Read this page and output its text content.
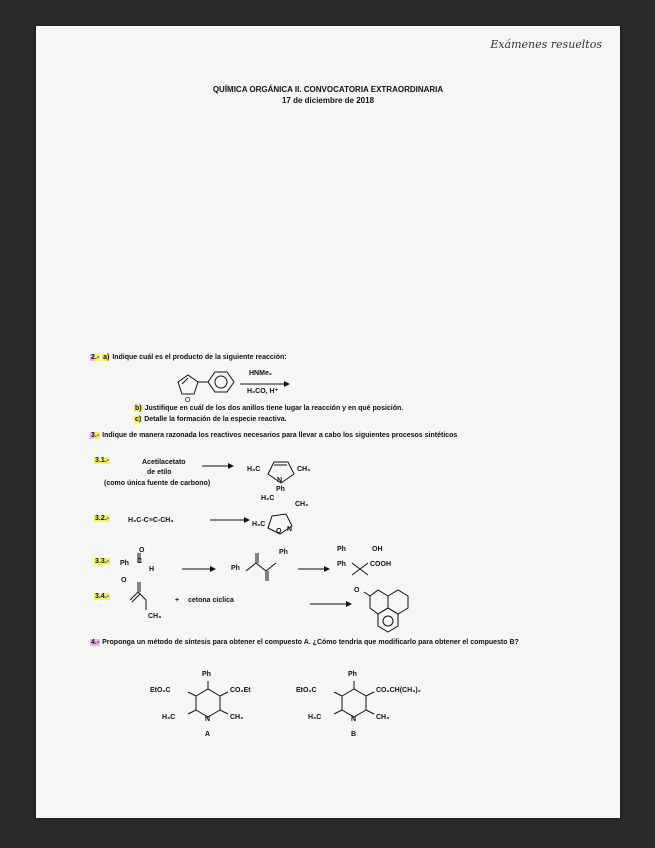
Exámenes resueltos
QUÍMICA ORGÁNICA II. CONVOCATORIA EXTRAORDINARIA
17 de diciembre de 2018
2.- a) Indique cuál es el producto de la siguiente reacción:
O
HNMe₂
H₂CO, H⁺
b) Justifique en cuál de los dos anillos tiene lugar la reacción y en qué posición.
c) Detalle la formación de la especie reactiva.
3.- Indique de manera razonada los reactivos necesarios para llevar a cabo los siguientes procesos sintéticos
3.1.-	Acetilacetato
de etilo
(como única fuente de carbono)
H₃C	CH₃
N
Ph
3.2.-	H₃C-C≡C-CH₃
H₃C
CH₃
H₃C
O N
3.3.- Ph
O
C
H	Ph
Ph	Ph
Ph
OH
COOH
3.4.-
O
CH₃
+ cetona cíclica
O
4.- Proponga un método de síntesis para obtener el compuesto A. ¿Cómo tendría que modificarlo para obtener el compuesto B?
Ph
EtO₂C	CO₂Et
H₃C	N	CH₃
A
Ph
EtO₂C	CO₂CH(CH₃)₂
H₃C	N	CH₃
B
